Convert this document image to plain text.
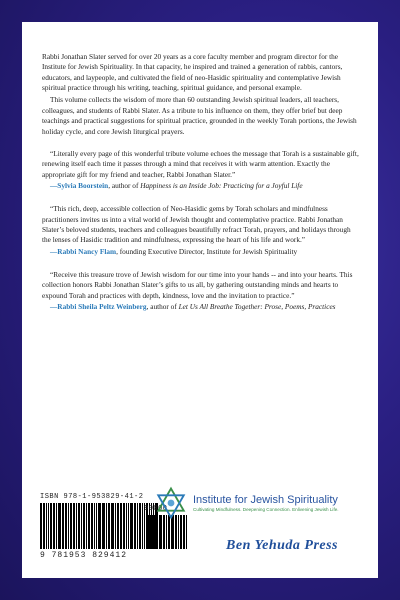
Rabbi Jonathan Slater served for over 20 years as a core faculty member and program director for the Institute for Jewish Spirituality. In that capacity, he inspired and trained a generation of rabbis, cantors, educators, and laypeople, and cultivated the field of neo-Hasidic spirituality and contemplative Jewish spiritual practice through his writing, teaching, spiritual guidance, and personal example.

This volume collects the wisdom of more than 60 outstanding Jewish spiritual leaders, all teachers, colleagues, and students of Rabbi Slater. As a tribute to his influence on them, they offer brief but deep teachings and practical suggestions for spiritual practice, grounded in the weekly Torah portions, the Jewish holiday cycle, and core Jewish liturgical prayers.

“Literally every page of this wonderful tribute volume echoes the message that Torah is a sustainable gift, renewing itself each time it passes through a mind that receives it with warm attention. Exactly the appropriate gift for my friend and teacher, Rabbi Jonathan Slater.”

—Sylvia Boorstein, author of Happiness is an Inside Job: Practicing for a Joyful Life

“This rich, deep, accessible collection of Neo-Hasidic gems by Torah scholars and mindfulness practitioners invites us into a vital world of Jewish thought and contemplative practice. Rabbi Jonathan Slater’s beloved students, teachers and colleagues beautifully refract Torah, prayers, and holidays through the lenses of Hasidic tradition and mindfulness, expressing the heart of his life and work.”

—Rabbi Nancy Flam, founding Executive Director, Institute for Jewish Spirituality

“Receive this treasure trove of Jewish wisdom for our time into your hands -- and into your hearts. This collection honors Rabbi Jonathan Slater’s gifts to us all, by gathering outstanding minds and hearts to expound Torah and practices with depth, kindness, love and the invitation to practice.”

—Rabbi Sheila Peltz Weinberg, author of Let Us All Breathe Together: Prose, Poems, Practices
ISBN 978-1-953829-41-2
9 781953 829412
90000
Institute for Jewish Spirituality
Cultivating Mindfulness. Deepening Connection. Enlivening Jewish Life.
Ben Yehuda Press
